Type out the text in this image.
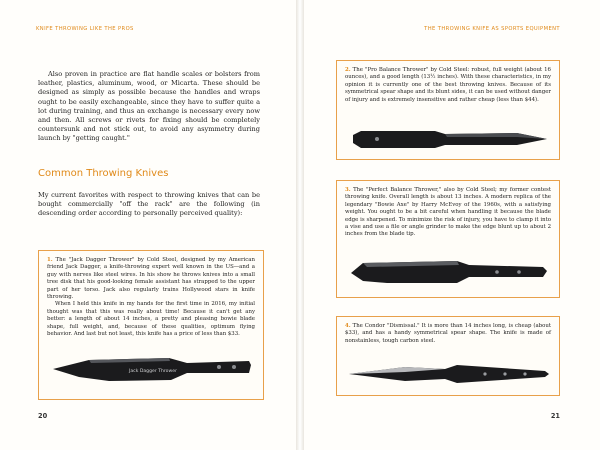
KNIFE THROWING LIKE THE PROS
Also proven in practice are flat handle scales or bolsters from leather, plastics, aluminum, wood, or Micarta. These should be designed as simply as possible because the handles and wraps ought to be easily exchangeable, since they have to suffer quite a lot during training, and thus an exchange is necessary every now and then. All screws or rivets for fixing should be completely countersunk and not stick out, to avoid any asymmetry during launch by "getting caught."
Common Throwing Knives
My current favorites with respect to throwing knives that can be bought commercially "off the rack" are the following (in descending order according to personally perceived quality):
1. The "Jack Dagger Thrower" by Cold Steel, designed by my American friend Jack Dagger, a knife-throwing expert well known in the US—and a guy with nerves like steel wires. In his show he throws knives into a small tree disk that his good-looking female assistant has strapped to the upper part of her torso. Jack also regularly trains Hollywood stars in knife throwing.
When I held this knife in my hands for the first time in 2016, my initial thought was that this was really about time! Because it can't get any better: a length of about 14 inches, a pretty and pleasing bowie blade shape, full weight, and, because of these qualities, optimum flying behavior. And last but not least, this knife has a price of less than $33.
Jack Dagger Thrower
20
THE THROWING KNIFE AS SPORTS EQUIPMENT
2. The "Pro Balance Thrower" by Cold Steel: robust, full weight (about 16 ounces), and a good length (13½ inches). With these characteristics, in my opinion it is currently one of the best throwing knives. Because of its symmetrical spear shape and its blunt sides, it can be used without danger of injury and is extremely insensitive and rather cheap (less than $44).
3. The "Perfect Balance Thrower," also by Cold Steel; my former contest throwing knife. Overall length is about 13 inches. A modern replica of the legendary "Bowie Axe" by Harry McEvoy of the 1960s, with a satisfying weight. You ought to be a bit careful when handling it because the blade edge is sharpened. To minimize the risk of injury, you have to clamp it into a vise and use a file or angle grinder to make the edge blunt up to about 2 inches from the blade tip.
4. The Condor "Dismissal." It is more than 14 inches long, is cheap (about $33), and has a handy symmetrical spear shape. The knife is made of nonstainless, tough carbon steel.
21
